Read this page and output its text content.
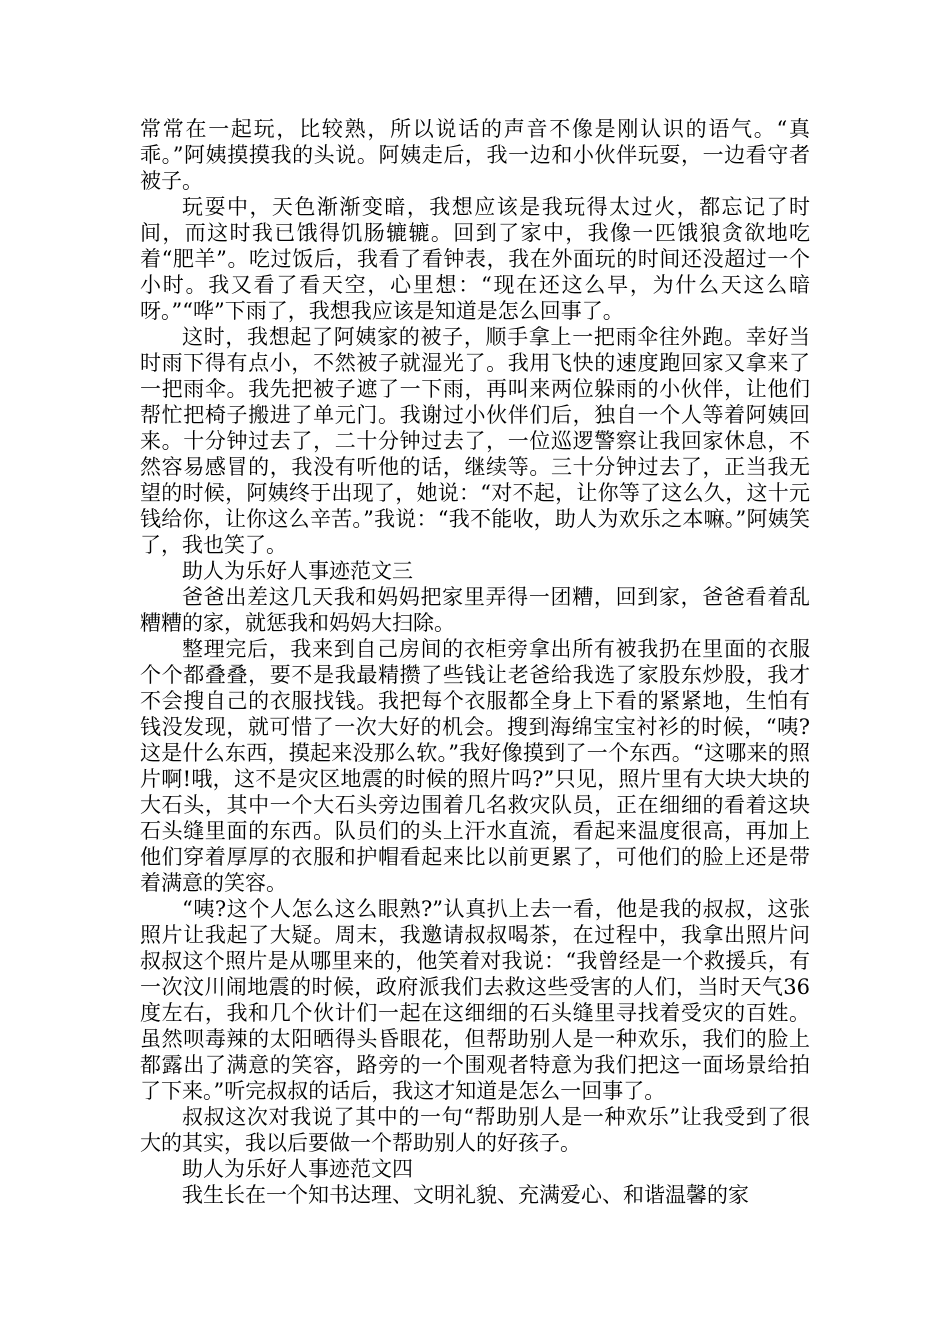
常常在一起玩，比较熟，所以说话的声音不像是刚认识的语气。“真乖。”阿姨摸摸我的头说。阿姨走后，我一边和小伙伴玩耍，一边看守者被子。

玩耍中，天色渐渐变暗，我想应该是我玩得太过火，都忘记了时间，而这时我已饿得饥肠辘辘。回到了家中，我像一匹饿狼贪欲地吃着“肥羊”。吃过饭后，我看了看钟表，我在外面玩的时间还没超过一个小时。我又看了看天空，心里想：“现在还这么早，为什么天这么暗呀。”“哗”下雨了，我想我应该是知道是怎么回事了。

这时，我想起了阿姨家的被子，顺手拿上一把雨伞往外跑。幸好当时雨下得有点小，不然被子就湿光了。我用飞快的速度跑回家又拿来了一把雨伞。我先把被子遮了一下雨，再叫来两位躲雨的小伙伴，让他们帮忙把椅子搬进了单元门。我谢过小伙伴们后，独自一个人等着阿姨回来。十分钟过去了，二十分钟过去了，一位巡逻警察让我回家休息，不然容易感冒的，我没有听他的话，继续等。三十分钟过去了，正当我无望的时候，阿姨终于出现了，她说：“对不起，让你等了这么久，这十元钱给你，让你这么辛苦。”我说：“我不能收，助人为欢乐之本嘛。”阿姨笑了，我也笑了。

助人为乐好人事迹范文三

爸爸出差这几天我和妈妈把家里弄得一团糟，回到家，爸爸看着乱糟糟的家，就惩我和妈妈大扫除。

整理完后，我来到自己房间的衣柜旁拿出所有被我扔在里面的衣服个个都叠叠，要不是我最精攒了些钱让老爸给我选了家股东炒股，我才不会搜自己的衣服找钱。我把每个衣服都全身上下看的紧紧地，生怕有钱没发现，就可惜了一次大好的机会。搜到海绵宝宝衬衫的时候，“咦?这是什么东西，摸起来没那么软。”我好像摸到了一个东西。“这哪来的照片啊!哦，这不是灾区地震的时候的照片吗?”只见，照片里有大块大块的大石头，其中一个大石头旁边围着几名救灾队员，正在细细的看着这块石头缝里面的东西。队员们的头上汗水直流，看起来温度很高，再加上他们穿着厚厚的衣服和护帽看起来比以前更累了，可他们的脸上还是带着满意的笑容。

“咦?这个人怎么这么眼熟?”认真扒上去一看，他是我的叔叔，这张照片让我起了大疑。周末，我邀请叔叔喝茶，在过程中，我拿出照片问叔叔这个照片是从哪里来的，他笑着对我说：“我曾经是一个救援兵，有一次汶川闹地震的时候，政府派我们去救这些受害的人们，当时天气36度左右，我和几个伙计们一起在这细细的石头缝里寻找着受灾的百姓。虽然呗毒辣的太阳晒得头昏眼花，但帮助别人是一种欢乐，我们的脸上都露出了满意的笑容，路旁的一个围观者特意为我们把这一面场景给拍了下来。”听完叔叔的话后，我这才知道是怎么一回事了。

叔叔这次对我说了其中的一句“帮助别人是一种欢乐”让我受到了很大的其实，我以后要做一个帮助别人的好孩子。

助人为乐好人事迹范文四

我生长在一个知书达理、文明礼貌、充满爱心、和谐温馨的家
